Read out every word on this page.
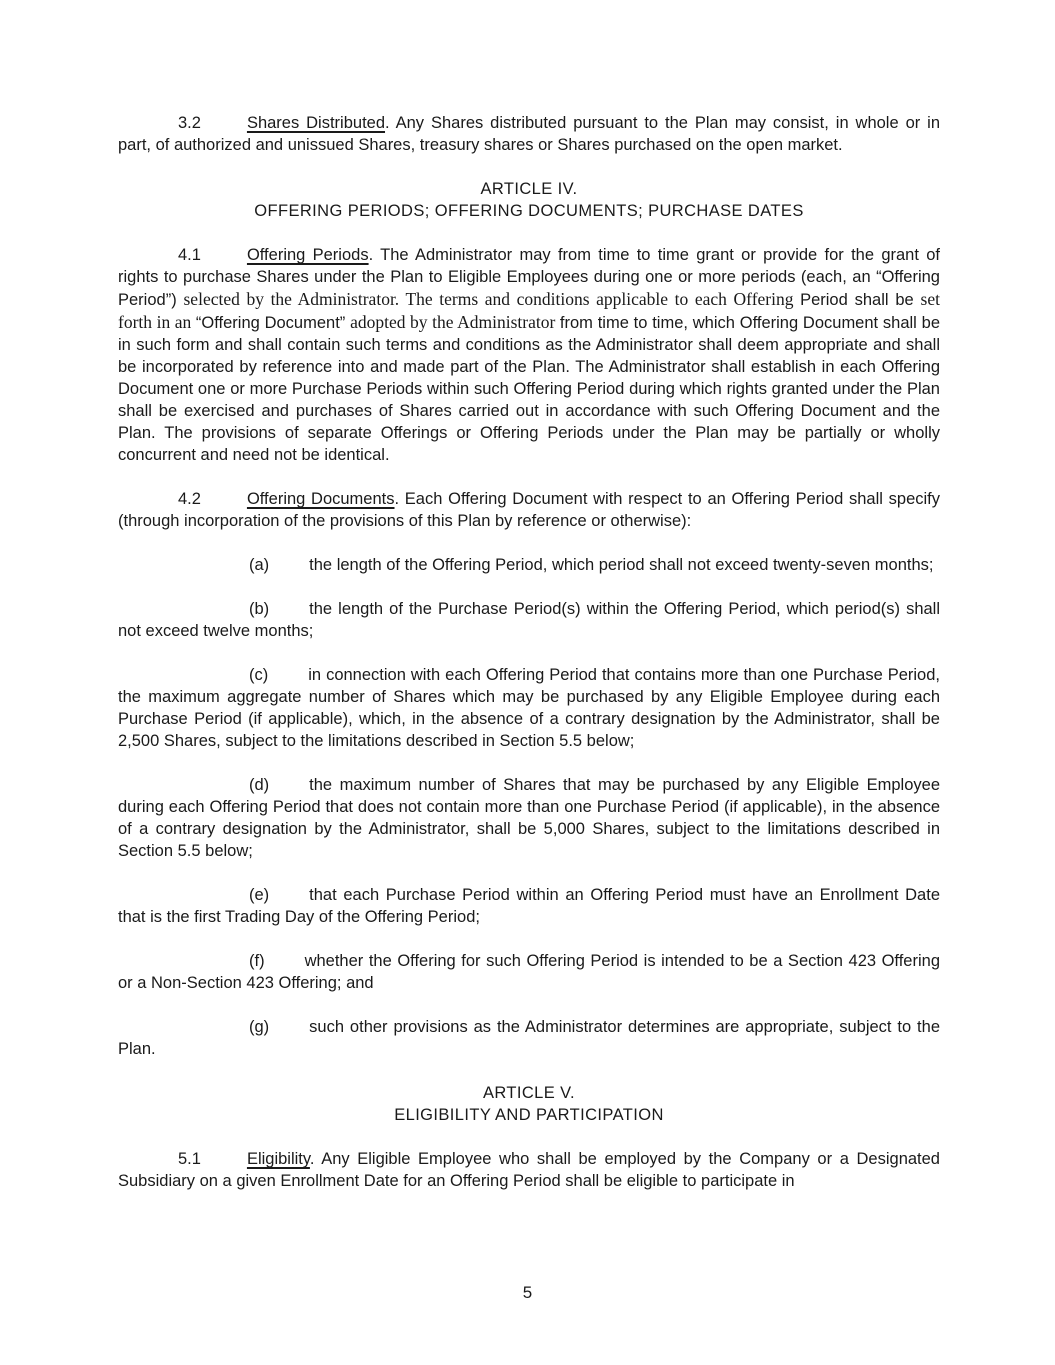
3.2	Shares Distributed. Any Shares distributed pursuant to the Plan may consist, in whole or in part, of authorized and unissued Shares, treasury shares or Shares purchased on the open market.

ARTICLE IV.
OFFERING PERIODS; OFFERING DOCUMENTS; PURCHASE DATES

4.1	Offering Periods. The Administrator may from time to time grant or provide for the grant of rights to purchase Shares under the Plan to Eligible Employees during one or more periods (each, an “Offering Period”) selected by the Administrator. The terms and conditions applicable to each Offering Period shall be set forth in an “Offering Document” adopted by the Administrator from time to time, which Offering Document shall be in such form and shall contain such terms and conditions as the Administrator shall deem appropriate and shall be incorporated by reference into and made part of the Plan. The Administrator shall establish in each Offering Document one or more Purchase Periods within such Offering Period during which rights granted under the Plan shall be exercised and purchases of Shares carried out in accordance with such Offering Document and the Plan. The provisions of separate Offerings or Offering Periods under the Plan may be partially or wholly concurrent and need not be identical.

4.2	Offering Documents. Each Offering Document with respect to an Offering Period shall specify (through incorporation of the provisions of this Plan by reference or otherwise):

(a) the length of the Offering Period, which period shall not exceed twenty-seven months;

(b) the length of the Purchase Period(s) within the Offering Period, which period(s) shall not exceed twelve months;

(c) in connection with each Offering Period that contains more than one Purchase Period, the maximum aggregate number of Shares which may be purchased by any Eligible Employee during each Purchase Period (if applicable), which, in the absence of a contrary designation by the Administrator, shall be 2,500 Shares, subject to the limitations described in Section 5.5 below;

(d) the maximum number of Shares that may be purchased by any Eligible Employee during each Offering Period that does not contain more than one Purchase Period (if applicable), in the absence of a contrary designation by the Administrator, shall be 5,000 Shares, subject to the limitations described in Section 5.5 below;

(e) that each Purchase Period within an Offering Period must have an Enrollment Date that is the first Trading Day of the Offering Period;

(f) whether the Offering for such Offering Period is intended to be a Section 423 Offering or a Non-Section 423 Offering; and

(g) such other provisions as the Administrator determines are appropriate, subject to the Plan.

ARTICLE V.
ELIGIBILITY AND PARTICIPATION

5.1	Eligibility. Any Eligible Employee who shall be employed by the Company or a Designated Subsidiary on a given Enrollment Date for an Offering Period shall be eligible to participate in

5
